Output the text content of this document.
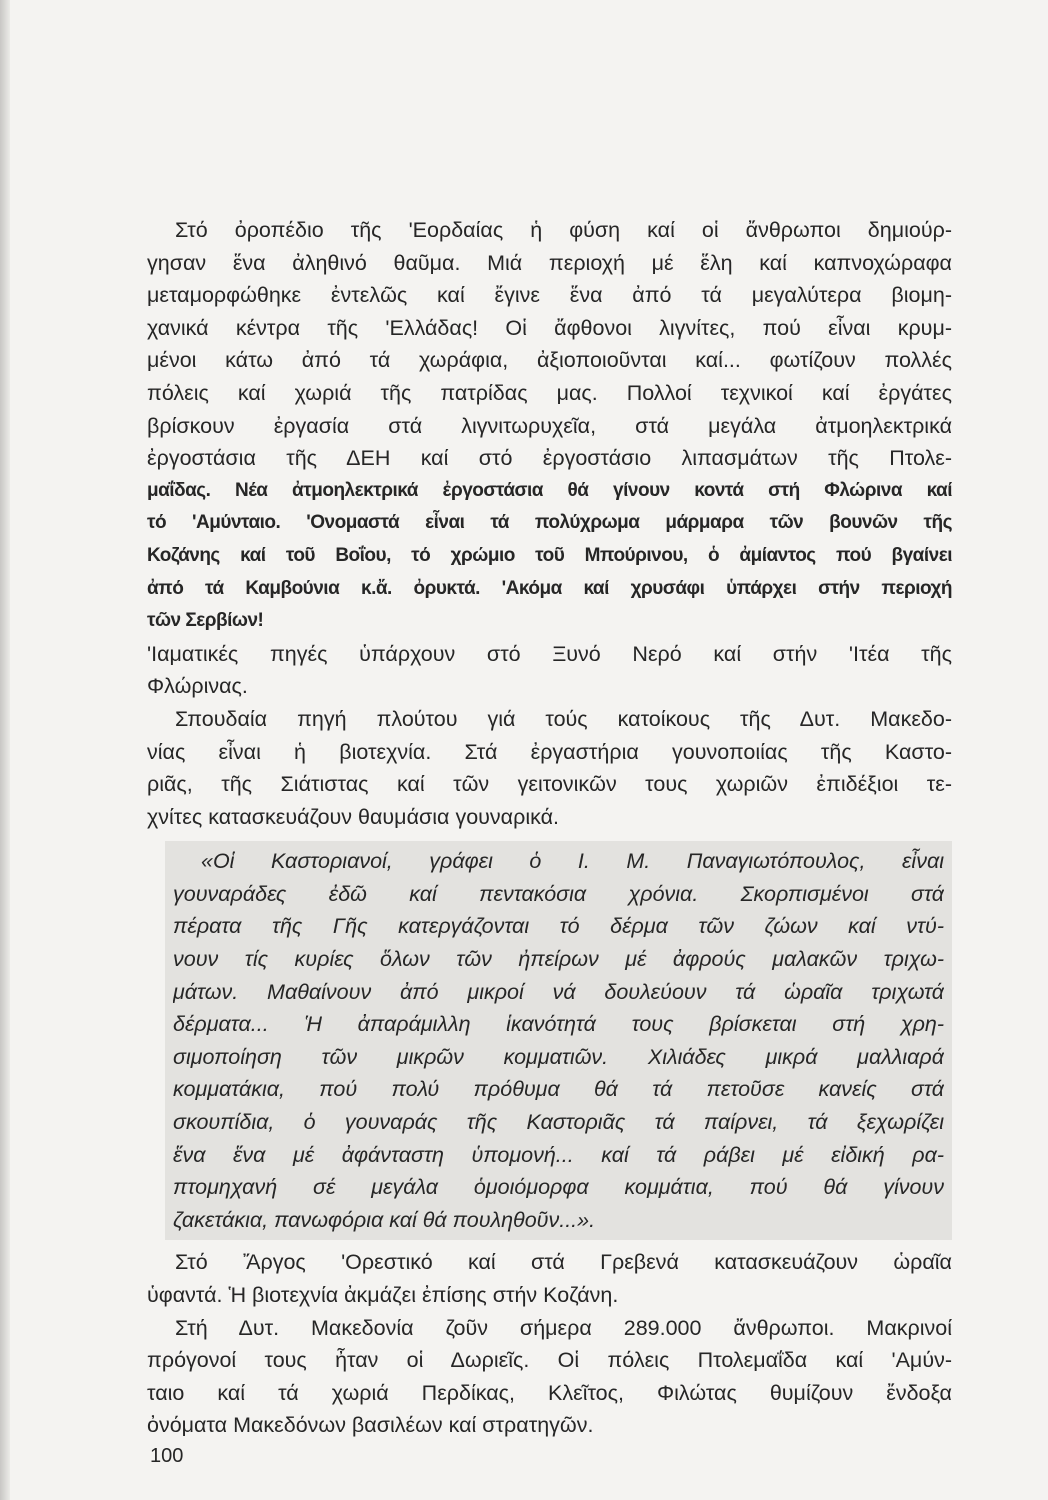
Στό ὀροπέδιο τῆς 'Εορδαίας ἡ φύση καί οἱ ἄνθρωποι δημιούρ-
γησαν ἕνα ἀληθινό θαῦμα. Μιά περιοχή μέ ἕλη καί καπνοχώραφα
μεταμορφώθηκε ἐντελῶς καί ἔγινε ἕνα ἀπό τά μεγαλύτερα βιομη-
χανικά κέντρα τῆς 'Ελλάδας! Οἱ ἄφθονοι λιγνίτες, πού εἶναι κρυμ-
μένοι κάτω ἀπό τά χωράφια, ἀξιοποιοῦνται καί... φωτίζουν πολλές
πόλεις καί χωριά τῆς πατρίδας μας. Πολλοί τεχνικοί καί ἐργάτες
βρίσκουν ἐργασία στά λιγνιτωρυχεῖα, στά μεγάλα ἀτμοηλεκτρικά
ἐργοστάσια τῆς ΔΕΗ καί στό ἐργοστάσιο λιπασμάτων τῆς Πτολε-
μαΐδας. Νέα ἀτμοηλεκτρικά ἐργοστάσια θά γίνουν κοντά στή Φλώρινα καί
τό 'Αμύνταιο. 'Ονομαστά εἶναι τά πολύχρωμα μάρμαρα τῶν βουνῶν τῆς
Κοζάνης καί τοῦ Βοΐου, τό χρώμιο τοῦ Μπούρινου, ὁ ἀμίαντος πού βγαίνει
ἀπό τά Καμβούνια κ.ἄ. ὀρυκτά. 'Ακόμα καί χρυσάφι ὑπάρχει στήν περιοχή
τῶν Σερβίων!
'Ιαματικές πηγές ὑπάρχουν στό Ξυνό Νερό καί στήν 'Ιτέα τῆς
Φλώρινας.
Σπουδαία πηγή πλούτου γιά τούς κατοίκους τῆς Δυτ. Μακεδο-
νίας εἶναι ἡ βιοτεχνία. Στά ἐργαστήρια γουνοποιίας τῆς Καστο-
ριᾶς, τῆς Σιάτιστας καί τῶν γειτονικῶν τους χωριῶν ἐπιδέξιοι τε-
χνίτες κατασκευάζουν θαυμάσια γουναρικά.
«Οἱ Καστοριανοί, γράφει ὁ Ι. Μ. Παναγιωτόπουλος, εἶναι
γουναράδες ἐδῶ καί πεντακόσια χρόνια. Σκορπισμένοι στά
πέρατα τῆς Γῆς κατεργάζονται τό δέρμα τῶν ζώων καί ντύ-
νουν τίς κυρίες ὅλων τῶν ἠπείρων μέ ἀφρούς μαλακῶν τριχω-
μάτων. Μαθαίνουν ἀπό μικροί νά δουλεύουν τά ὡραῖα τριχωτά
δέρματα... Ἡ ἀπαράμιλλη ἱκανότητά τους βρίσκεται στή χρη-
σιμοποίηση τῶν μικρῶν κομματιῶν. Χιλιάδες μικρά μαλλιαρά
κομματάκια, πού πολύ πρόθυμα θά τά πετοῦσε κανείς στά
σκουπίδια, ὁ γουναράς τῆς Καστοριᾶς τά παίρνει, τά ξεχωρίζει
ἕνα ἕνα μέ ἀφάνταστη ὑπομονή... καί τά ράβει μέ εἰδική ρα-
πτομηχανή σέ μεγάλα ὁμοιόμορφα κομμάτια, πού θά γίνουν
ζακετάκια, πανωφόρια καί θά πουληθοῦν...».
Στό Ἄργος 'Ορεστικό καί στά Γρεβενά κατασκευάζουν ὡραῖα
ὑφαντά. Ἡ βιοτεχνία ἀκμάζει ἐπίσης στήν Κοζάνη.
Στή Δυτ. Μακεδονία ζοῦν σήμερα 289.000 ἄνθρωποι. Μακρινοί
πρόγονοί τους ἦταν οἱ Δωριεῖς. Οἱ πόλεις Πτολεμαΐδα καί 'Αμύν-
ταιο καί τά χωριά Περδίκας, Κλεῖτος, Φιλώτας θυμίζουν ἔνδοξα
ὀνόματα Μακεδόνων βασιλέων καί στρατηγῶν.
100
